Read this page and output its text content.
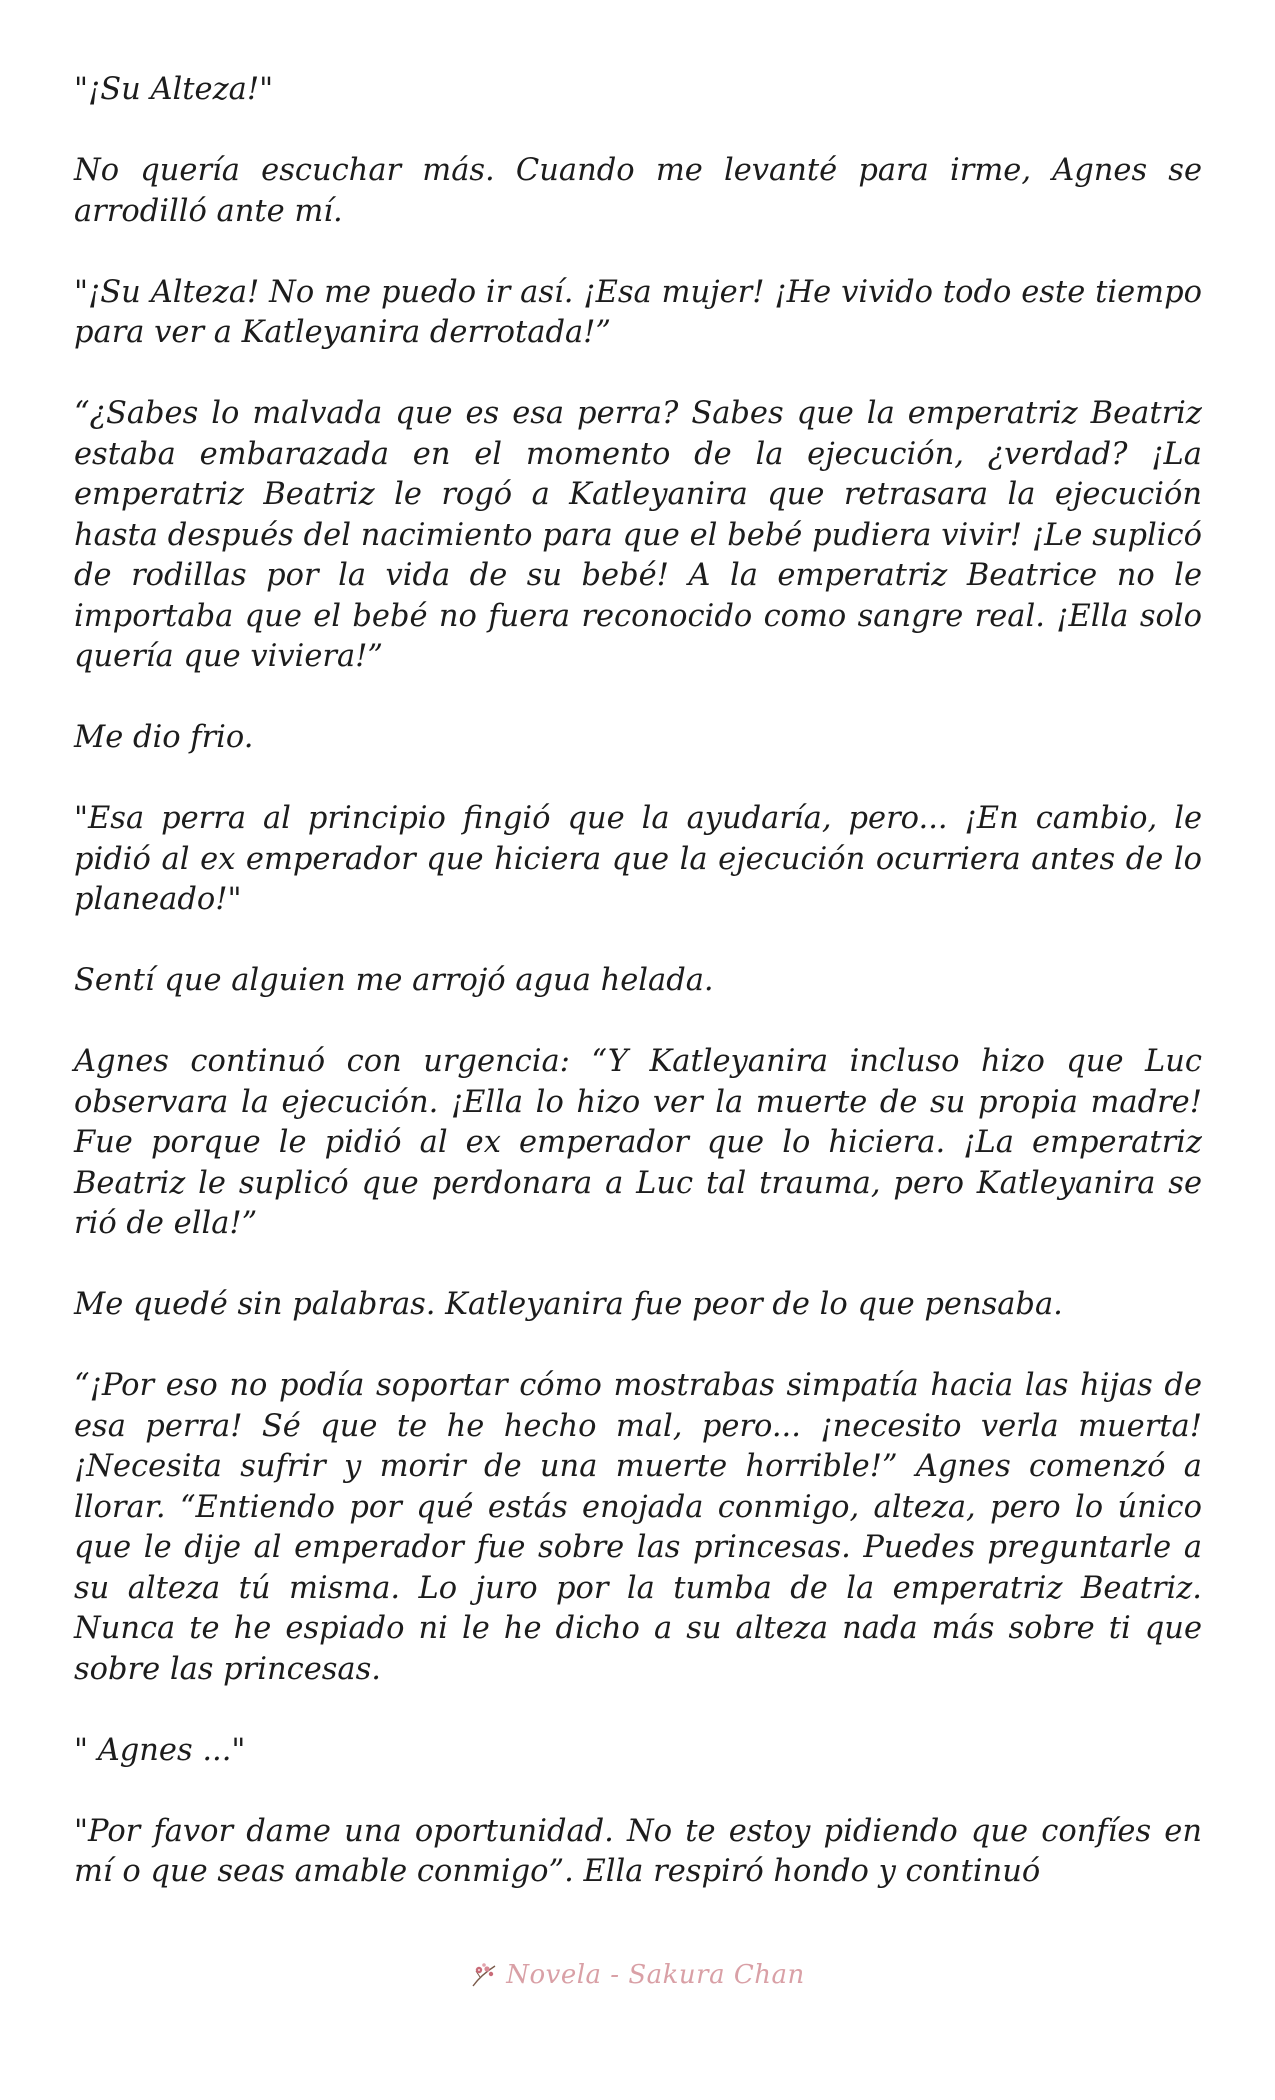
"¡Su Alteza!"

No quería escuchar más. Cuando me levanté para irme, Agnes se arrodilló ante mí.

"¡Su Alteza! No me puedo ir así. ¡Esa mujer! ¡He vivido todo este tiempo para ver a Katleyanira derrotada!”

“¿Sabes lo malvada que es esa perra? Sabes que la emperatriz Beatriz estaba embarazada en el momento de la ejecución, ¿verdad? ¡La emperatriz Beatriz le rogó a Katleyanira que retrasara la ejecución hasta después del nacimiento para que el bebé pudiera vivir! ¡Le suplicó de rodillas por la vida de su bebé! A la emperatriz Beatrice no le importaba que el bebé no fuera reconocido como sangre real. ¡Ella solo quería que viviera!”

Me dio frio.

"Esa perra al principio fingió que la ayudaría, pero... ¡En cambio, le pidió al ex emperador que hiciera que la ejecución ocurriera antes de lo planeado!"

Sentí que alguien me arrojó agua helada.

Agnes continuó con urgencia: “Y Katleyanira incluso hizo que Luc observara la ejecución. ¡Ella lo hizo ver la muerte de su propia madre! Fue porque le pidió al ex emperador que lo hiciera. ¡La emperatriz Beatriz le suplicó que perdonara a Luc tal trauma, pero Katleyanira se rió de ella!”

Me quedé sin palabras. Katleyanira fue peor de lo que pensaba.

“¡Por eso no podía soportar cómo mostrabas simpatía hacia las hijas de esa perra! Sé que te he hecho mal, pero... ¡necesito verla muerta! ¡Necesita sufrir y morir de una muerte horrible!” Agnes comenzó a llorar. “Entiendo por qué estás enojada conmigo, alteza, pero lo único que le dije al emperador fue sobre las princesas. Puedes preguntarle a su alteza tú misma. Lo juro por la tumba de la emperatriz Beatriz. Nunca te he espiado ni le he dicho a su alteza nada más sobre ti que sobre las princesas.

" Agnes ..."

"Por favor dame una oportunidad. No te estoy pidiendo que confíes en mí o que seas amable conmigo”. Ella respiró hondo y continuó

Novela - Sakura Chan
